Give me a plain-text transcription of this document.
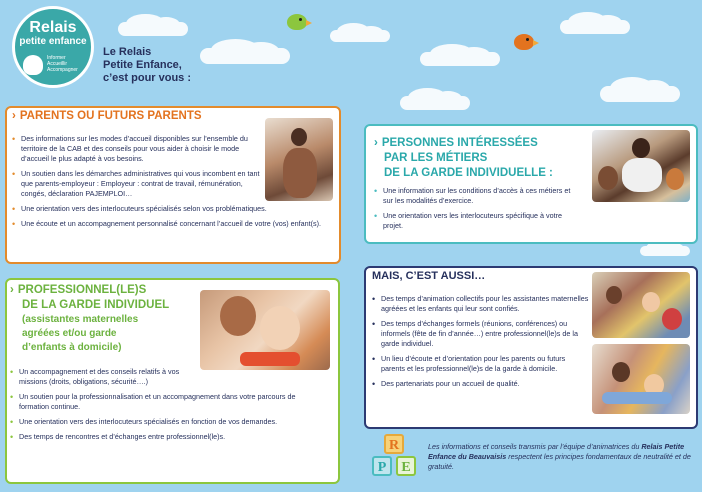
Relais
petite enfance
Informer
Accueillir
Accompagner
Le Relais
Petite Enfance,
c’est pour vous :
› PARENTS OU FUTURS PARENTS
• Des informations sur les modes d’accueil disponibles sur l’ensemble du territoire de la CAB et des conseils pour vous aider à choisir le mode d’accueil le plus adapté à vos besoins.
• Un soutien dans les démarches administratives qui vous incombent en tant que parents-employeur : Employeur : contrat de travail, rémunération, congés, déclaration PAJEMPLOI…
• Une orientation vers des interlocuteurs spécialisés selon vos problématiques.
• Une écoute et un accompagnement personnalisé concernant l’accueil de votre (vos) enfant(s).
› PROFESSIONNEL(LE)S
DE LA GARDE INDIVIDUEL
(assistantes maternelles
agréées et/ou garde
d’enfants à domicile)
• Un accompagnement et des conseils relatifs à vos missions (droits, obligations, sécurité….)
• Un soutien pour la professionnalisation et un accompagnement dans votre parcours de formation continue.
• Une orientation vers des interlocuteurs spécialisés en fonction de vos demandes.
• Des temps de rencontres et d’échanges entre professionnel(le)s.
› PERSONNES INTÉRESSÉES
PAR LES MÉTIERS
DE LA GARDE INDIVIDUELLE :
• Une information sur les conditions d’accès à ces métiers et sur les modalités d’exercice.
• Une orientation vers les interlocuteurs spécifique à votre projet.
MAIS, C’EST AUSSI…
• Des temps d’animation collectifs pour les assistantes maternelles agréées et les enfants qui leur sont confiés.
• Des temps d’échanges formels (réunions, conférences) ou informels (fête de fin d’année…) entre professionnel(le)s de la garde individuel.
• Un lieu d’écoute et d’orientation pour les parents ou futurs parents et les professionnel(le)s de la garde à domicile.
• Des partenariats pour un accueil de qualité.
R
P	E
Les informations et conseils transmis par l’équipe d’animatrices du Relais Petite Enfance du Beauvaisis respectent les principes fondamentaux de neutralité et de gratuité.
